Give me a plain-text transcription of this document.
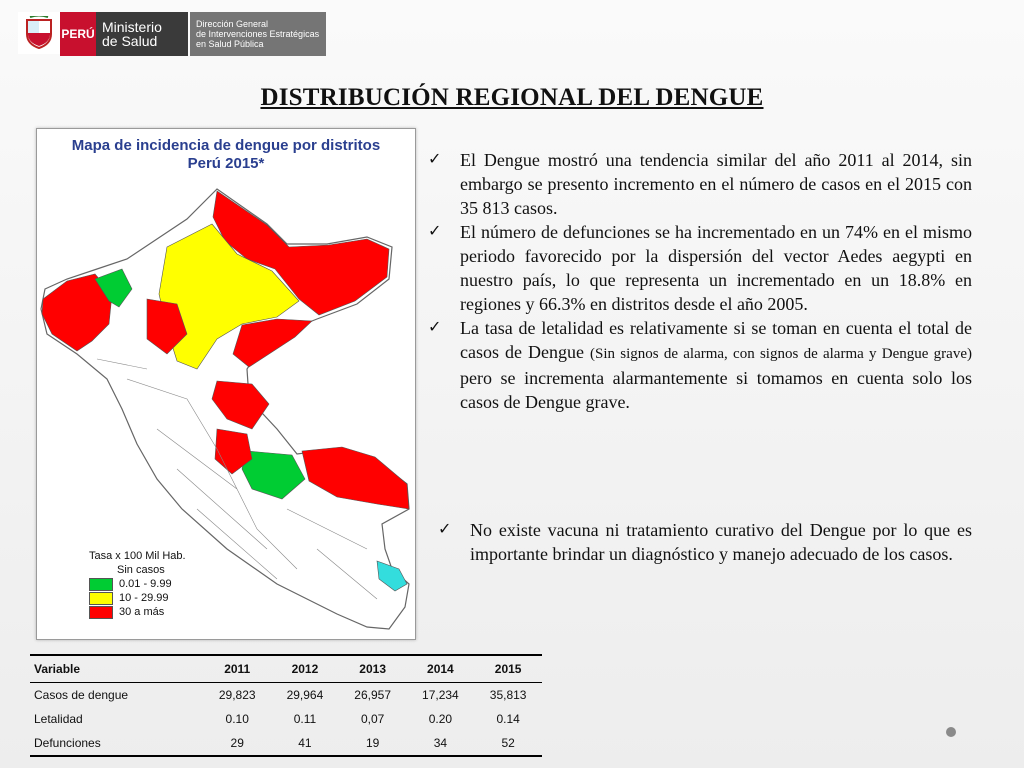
PERÚ Ministerio
de Salud
Dirección General
de Intervenciones Estratégicas
en Salud Pública
DISTRIBUCIÓN REGIONAL DEL DENGUE
Mapa de incidencia de dengue por distritos
Perú 2015*
Tasa x 100 Mil Hab.
Sin casos
0.01 - 9.99
10 - 29.99
30 a más
✓	El Dengue mostró una tendencia similar del año 2011 al 2014, sin embargo se presento incremento en el número de casos en el 2015 con 35 813 casos.
✓	El número de defunciones se ha incrementado en un 74% en el mismo periodo favorecido por la dispersión del vector Aedes aegypti en nuestro país, lo que representa un incrementado en un 18.8% en regiones y 66.3% en distritos desde el año 2005.
✓	La tasa de letalidad es relativamente si se toman en cuenta el total de casos de Dengue (Sin signos de alarma, con signos de alarma y Dengue grave) pero se incrementa alarmantemente si tomamos en cuenta solo los casos de Dengue grave.
✓	No existe vacuna ni tratamiento curativo del Dengue por lo que es importante brindar un diagnóstico y manejo adecuado de los casos.
Variable	2011	2012	2013	2014	2015
Casos de dengue	29,823	29,964	26,957	17,234	35,813
Letalidad	0.10	0.11	0,07	0.20	0.14
Defunciones	29	41	19	34	52
